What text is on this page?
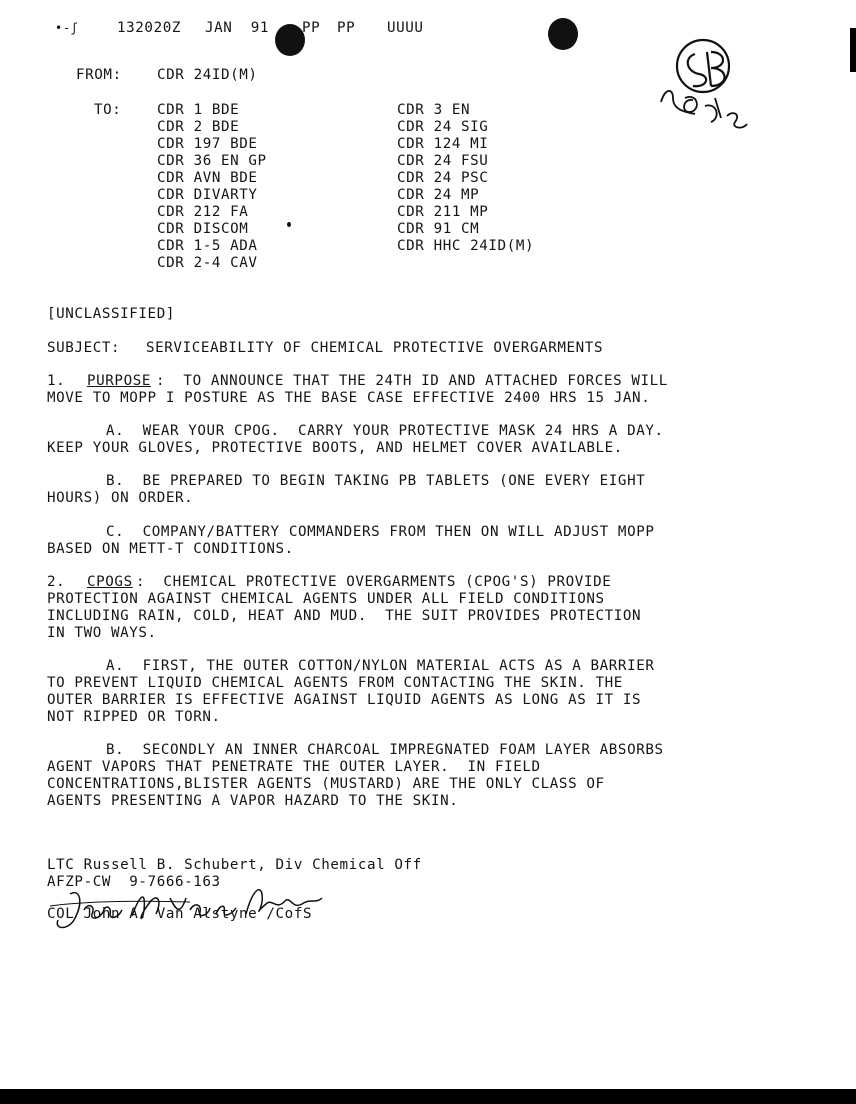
•-ʃ	132020Z JAN  91 PP PP UUUU
FROM: CDR 24ID(M)
TO:	CDR 1 BDE
CDR 2 BDE
CDR 197 BDE
CDR 36 EN GP
CDR AVN BDE
CDR DIVARTY
CDR 212 FA
CDR DISCOM
CDR 1-5 ADA
CDR 2-4 CAV
CDR 3 EN
CDR 24 SIG
CDR 124 MI
CDR 24 FSU
CDR 24 PSC
CDR 24 MP
CDR 211 MP
CDR 91 CM
CDR HHC 24ID(M)
[UNCLASSIFIED]
SUBJECT: SERVICEABILITY OF CHEMICAL PROTECTIVE OVERGARMENTS
1. PURPOSE :  TO ANNOUNCE THAT THE 24TH ID AND ATTACHED FORCES WILL
MOVE TO MOPP I POSTURE AS THE BASE CASE EFFECTIVE 2400 HRS 15 JAN.
A.  WEAR YOUR CPOG.  CARRY YOUR PROTECTIVE MASK 24 HRS A DAY.
KEEP YOUR GLOVES, PROTECTIVE BOOTS, AND HELMET COVER AVAILABLE.
B.  BE PREPARED TO BEGIN TAKING PB TABLETS (ONE EVERY EIGHT
HOURS) ON ORDER.
C.  COMPANY/BATTERY COMMANDERS FROM THEN ON WILL ADJUST MOPP
BASED ON METT-T CONDITIONS.
2. CPOGS :  CHEMICAL PROTECTIVE OVERGARMENTS (CPOG'S) PROVIDE
PROTECTION AGAINST CHEMICAL AGENTS UNDER ALL FIELD CONDITIONS
INCLUDING RAIN, COLD, HEAT AND MUD.  THE SUIT PROVIDES PROTECTION
IN TWO WAYS.
A.  FIRST, THE OUTER COTTON/NYLON MATERIAL ACTS AS A BARRIER
TO PREVENT LIQUID CHEMICAL AGENTS FROM CONTACTING THE SKIN. THE
OUTER BARRIER IS EFFECTIVE AGAINST LIQUID AGENTS AS LONG AS IT IS
NOT RIPPED OR TORN.
B.  SECONDLY AN INNER CHARCOAL IMPREGNATED FOAM LAYER ABSORBS
AGENT VAPORS THAT PENETRATE THE OUTER LAYER.  IN FIELD
CONCENTRATIONS,BLISTER AGENTS (MUSTARD) ARE THE ONLY CLASS OF
AGENTS PRESENTING A VAPOR HAZARD TO THE SKIN.
LTC Russell B. Schubert, Div Chemical Off
AFZP-CW  9-7666-163
COL John A. Van Alstyne /CofS
